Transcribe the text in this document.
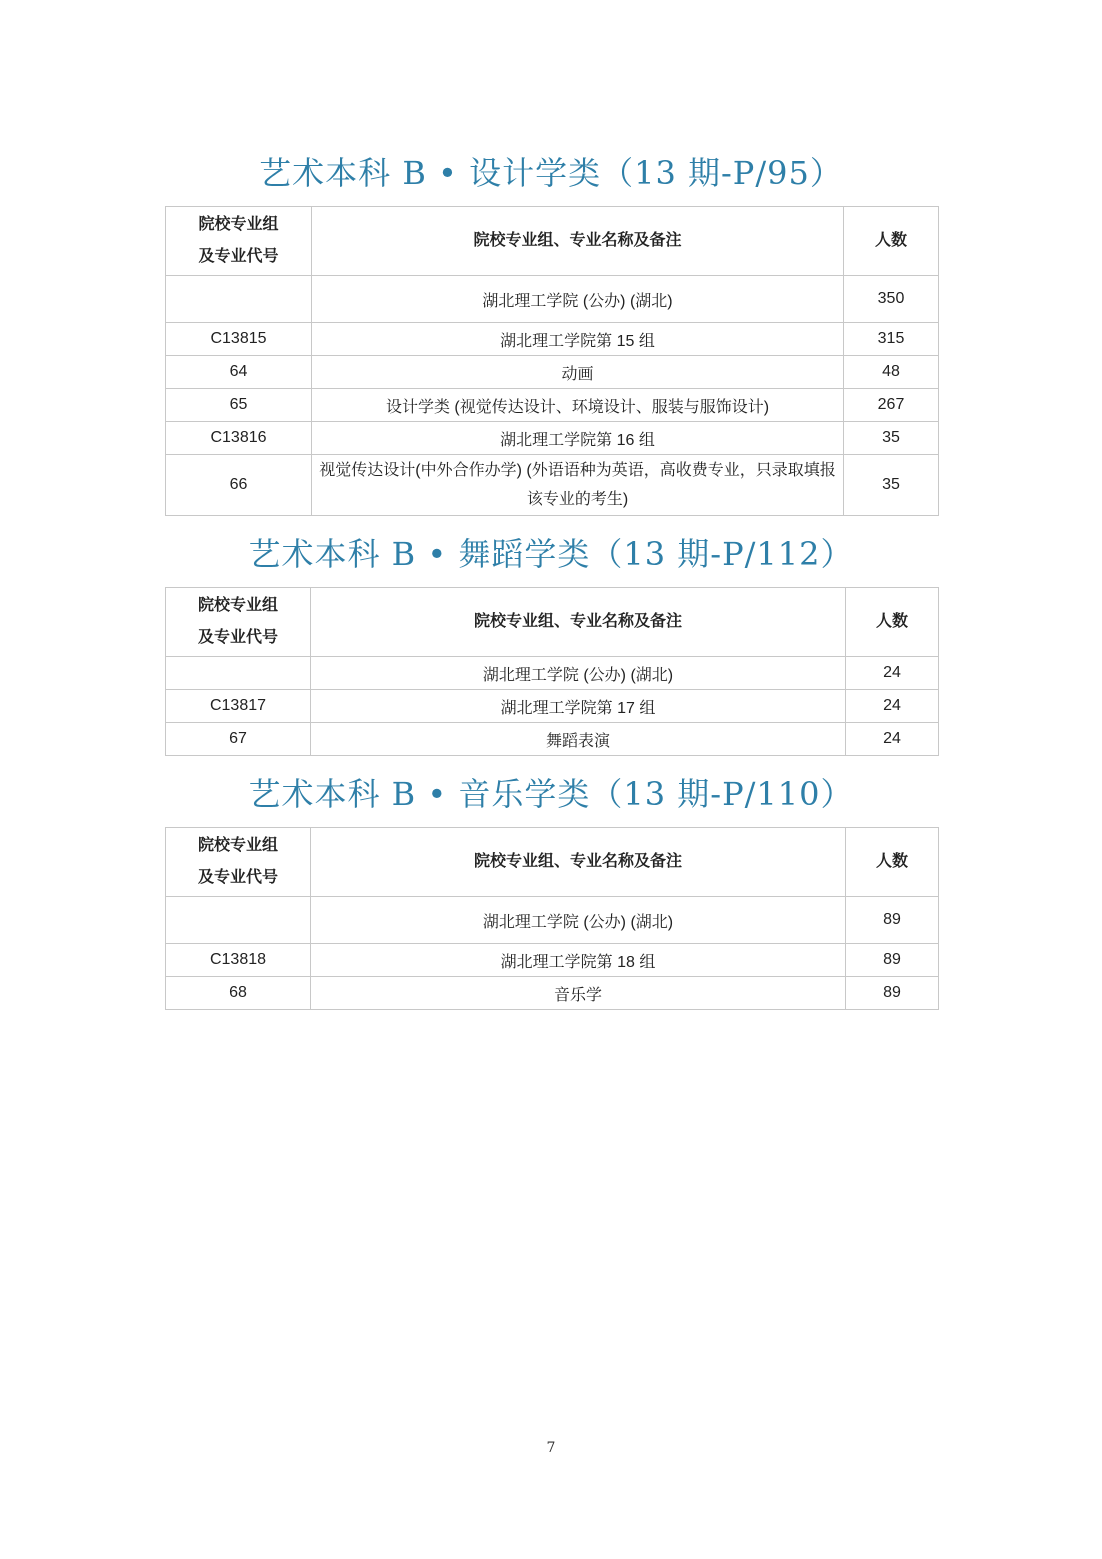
艺术本科 B • 设计学类（13 期-P/95）
院校专业组
及专业代号	院校专业组、专业名称及备注	人数
	湖北理工学院 (公办) (湖北)	350
C13815	湖北理工学院第 15 组	315
64	动画	48
65	设计学类 (视觉传达设计、环境设计、服装与服饰设计)	267
C13816	湖北理工学院第 16 组	35
66	视觉传达设计(中外合作办学) (外语语种为英语，高收费专业，只录取填报该专业的考生)	35
艺术本科 B • 舞蹈学类（13 期-P/112）
院校专业组
及专业代号	院校专业组、专业名称及备注	人数
	湖北理工学院 (公办) (湖北)	24
C13817	湖北理工学院第 17 组	24
67	舞蹈表演	24
艺术本科 B • 音乐学类（13 期-P/110）
院校专业组
及专业代号	院校专业组、专业名称及备注	人数
	湖北理工学院 (公办) (湖北)	89
C13818	湖北理工学院第 18 组	89
68	音乐学	89
7
